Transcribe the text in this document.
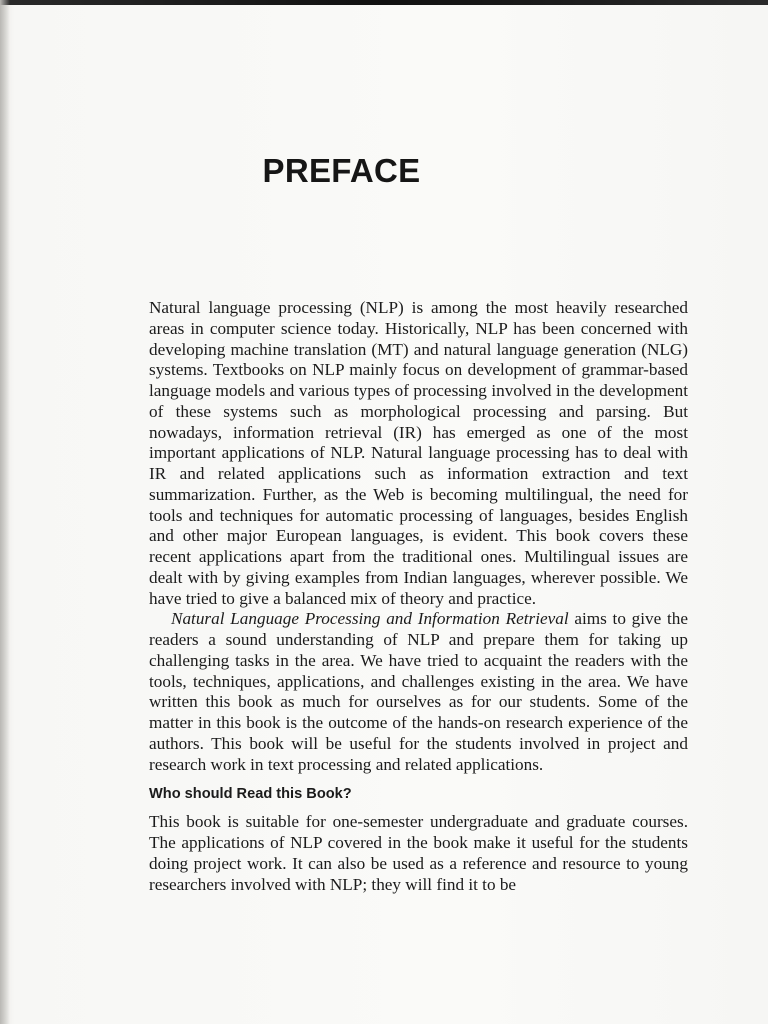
PREFACE

Natural language processing (NLP) is among the most heavily researched areas in computer science today. Historically, NLP has been concerned with developing machine translation (MT) and natural language generation (NLG) systems. Textbooks on NLP mainly focus on development of grammar-based language models and various types of processing involved in the development of these systems such as morphological processing and parsing. But nowadays, information retrieval (IR) has emerged as one of the most important applications of NLP. Natural language processing has to deal with IR and related applications such as information extraction and text summarization. Further, as the Web is becoming multilingual, the need for tools and techniques for automatic processing of languages, besides English and other major European languages, is evident. This book covers these recent applications apart from the traditional ones. Multilingual issues are dealt with by giving examples from Indian languages, wherever possible. We have tried to give a balanced mix of theory and practice.

Natural Language Processing and Information Retrieval aims to give the readers a sound understanding of NLP and prepare them for taking up challenging tasks in the area. We have tried to acquaint the readers with the tools, techniques, applications, and challenges existing in the area. We have written this book as much for ourselves as for our students. Some of the matter in this book is the outcome of the hands-on research experience of the authors. This book will be useful for the students involved in project and research work in text processing and related applications.

Who should Read this Book?

This book is suitable for one-semester undergraduate and graduate courses. The applications of NLP covered in the book make it useful for the students doing project work. It can also be used as a reference and resource to young researchers involved with NLP; they will find it to be
